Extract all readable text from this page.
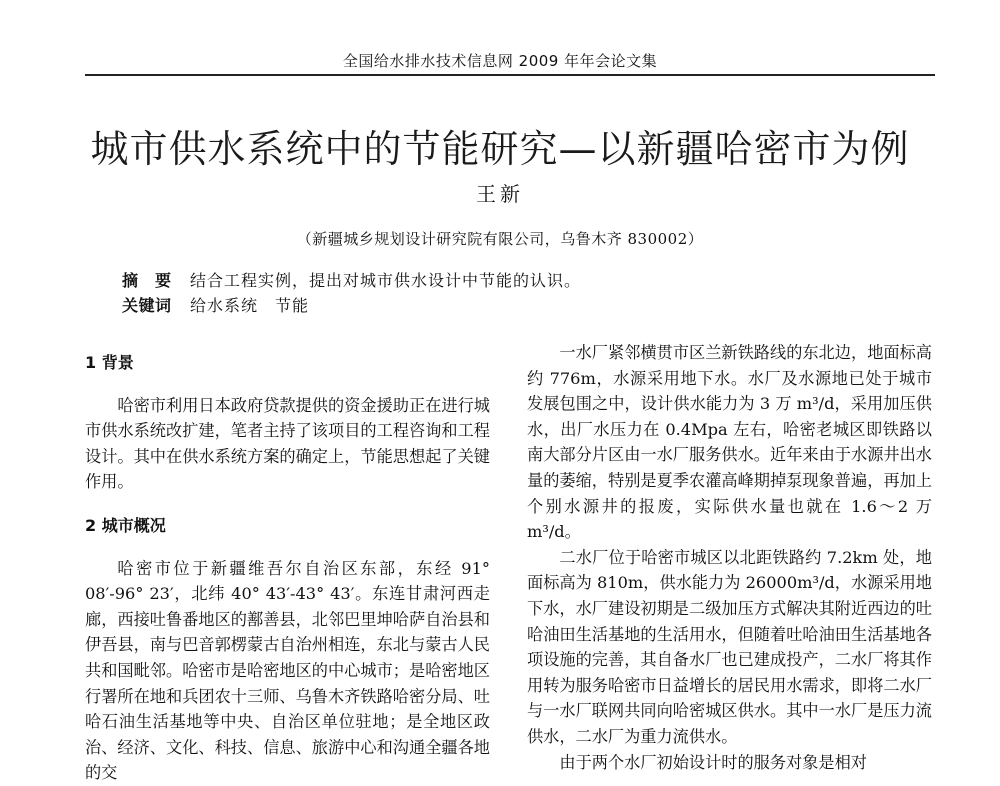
全国给水排水技术信息网 2009 年年会论文集
城市供水系统中的节能研究—以新疆哈密市为例
王新
（新疆城乡规划设计研究院有限公司，乌鲁木齐 830002）
摘　要 结合工程实例，提出对城市供水设计中节能的认识。
关键词 给水系统　节能
1 背景

哈密市利用日本政府贷款提供的资金援助正在进行城市供水系统改扩建，笔者主持了该项目的工程咨询和工程设计。其中在供水系统方案的确定上，节能思想起了关键作用。

2 城市概况

哈密市位于新疆维吾尔自治区东部，东经 91° 08′-96° 23′，北纬 40° 43′-43° 43′。东连甘肃河西走廊，西接吐鲁番地区的鄯善县，北邻巴里坤哈萨自治县和伊吾县，南与巴音郭楞蒙古自治州相连，东北与蒙古人民共和国毗邻。哈密市是哈密地区的中心城市；是哈密地区行署所在地和兵团农十三师、乌鲁木齐铁路哈密分局、吐哈石油生活基地等中央、自治区单位驻地；是全地区政治、经济、文化、科技、信息、旅游中心和沟通全疆各地的交

一水厂紧邻横贯市区兰新铁路线的东北边，地面标高约 776m，水源采用地下水。水厂及水源地已处于城市发展包围之中，设计供水能力为 3 万 m³/d，采用加压供水，出厂水压力在 0.4Mpa 左右，哈密老城区即铁路以南大部分片区由一水厂服务供水。近年来由于水源井出水量的萎缩，特别是夏季农灌高峰期掉泵现象普遍，再加上个别水源井的报废，实际供水量也就在 1.6～2 万 m³/d。

二水厂位于哈密市城区以北距铁路约 7.2km 处，地面标高为 810m，供水能力为 26000m³/d，水源采用地下水，水厂建设初期是二级加压方式解决其附近西边的吐哈油田生活基地的生活用水，但随着吐哈油田生活基地各项设施的完善，其自备水厂也已建成投产，二水厂将其作用转为服务哈密市日益增长的居民用水需求，即将二水厂与一水厂联网共同向哈密城区供水。其中一水厂是压力流供水，二水厂为重力流供水。

由于两个水厂初始设计时的服务对象是相对
